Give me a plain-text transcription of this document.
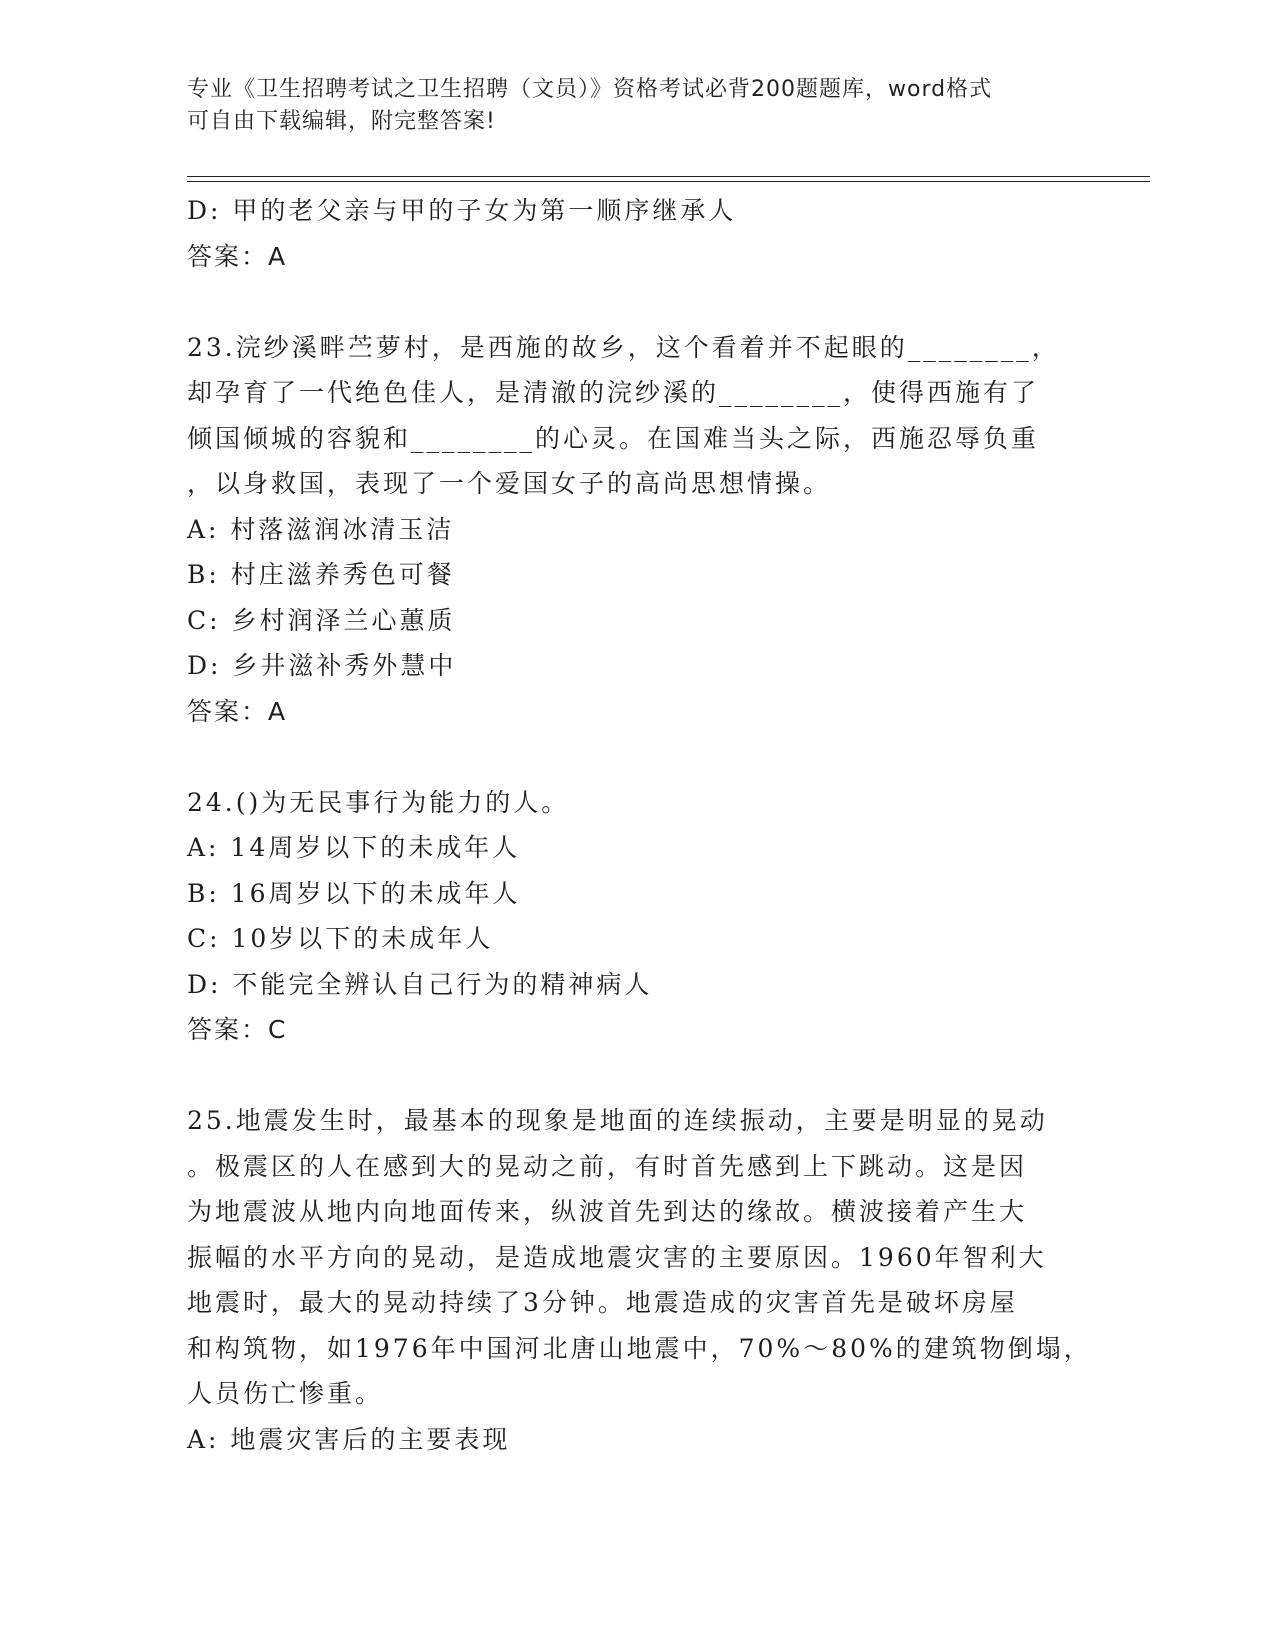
专业《卫生招聘考试之卫生招聘（文员）》资格考试必背200题题库，word格式
可自由下载编辑，附完整答案!
D: 甲的老父亲与甲的子女为第一顺序继承人
答案：A
23.浣纱溪畔苎萝村，是西施的故乡，这个看着并不起眼的________，
却孕育了一代绝色佳人，是清澈的浣纱溪的________，使得西施有了
倾国倾城的容貌和________的心灵。在国难当头之际，西施忍辱负重
，以身救国，表现了一个爱国女子的高尚思想情操。
A: 村落滋润冰清玉洁
B: 村庄滋养秀色可餐
C: 乡村润泽兰心蕙质
D: 乡井滋补秀外慧中
答案：A
24.()为无民事行为能力的人。
A: 14周岁以下的未成年人
B: 16周岁以下的未成年人
C: 10岁以下的未成年人
D: 不能完全辨认自己行为的精神病人
答案：C
25.地震发生时，最基本的现象是地面的连续振动，主要是明显的晃动
。极震区的人在感到大的晃动之前，有时首先感到上下跳动。这是因
为地震波从地内向地面传来，纵波首先到达的缘故。横波接着产生大
振幅的水平方向的晃动，是造成地震灾害的主要原因。1960年智利大
地震时，最大的晃动持续了3分钟。地震造成的灾害首先是破坏房屋
和构筑物，如1976年中国河北唐山地震中，70%～80%的建筑物倒塌，
人员伤亡惨重。
A: 地震灾害后的主要表现
